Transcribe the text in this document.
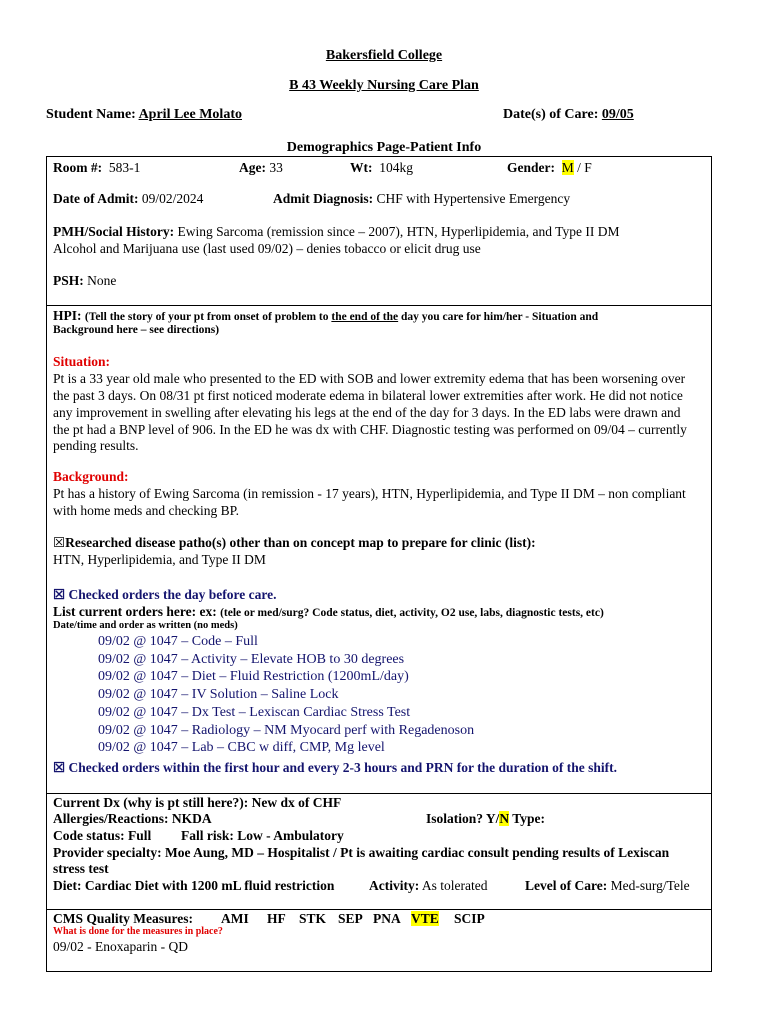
Bakersfield College
B 43 Weekly Nursing Care Plan
Student Name: April Lee Molato	Date(s) of Care: 09/05
Demographics Page-Patient Info
Room #: 583-1	Age: 33	Wt: 104kg	Gender: M / F
Date of Admit: 09/02/2024	Admit Diagnosis: CHF with Hypertensive Emergency
PMH/Social History: Ewing Sarcoma (remission since – 2007), HTN, Hyperlipidemia, and Type II DM
Alcohol and Marijuana use (last used 09/02) – denies tobacco or elicit drug use
PSH: None
HPI: (Tell the story of your pt from onset of problem to the end of the day you care for him/her - Situation and
Background here – see directions)
Situation:
Pt is a 33 year old male who presented to the ED with SOB and lower extremity edema that has been worsening over
the past 3 days. On 08/31 pt first noticed moderate edema in bilateral lower extremities after work. He did not notice
any improvement in swelling after elevating his legs at the end of the day for 3 days. In the ED labs were drawn and
the pt had a BNP level of 906. In the ED he was dx with CHF. Diagnostic testing was performed on 09/04 – currently
pending results.
Background:
Pt has a history of Ewing Sarcoma (in remission - 17 years), HTN, Hyperlipidemia, and Type II DM – non compliant
with home meds and checking BP.
☒Researched disease patho(s) other than on concept map to prepare for clinic (list):
HTN, Hyperlipidemia, and Type II DM
☒ Checked orders the day before care.
List current orders here: ex: (tele or med/surg? Code status, diet, activity, O2 use, labs, diagnostic tests, etc)
Date/time and order as written (no meds)
09/02 @ 1047 – Code – Full
09/02 @ 1047 – Activity – Elevate HOB to 30 degrees
09/02 @ 1047 – Diet – Fluid Restriction (1200mL/day)
09/02 @ 1047 – IV Solution – Saline Lock
09/02 @ 1047 – Dx Test – Lexiscan Cardiac Stress Test
09/02 @ 1047 – Radiology – NM Myocard perf with Regadenoson
09/02 @ 1047 – Lab – CBC w diff, CMP, Mg level
☒ Checked orders within the first hour and every 2-3 hours and PRN for the duration of the shift.
Current Dx (why is pt still here?): New dx of CHF
Allergies/Reactions: NKDA	Isolation? Y/N Type:
Code status: Full Fall risk: Low - Ambulatory
Provider specialty: Moe Aung, MD – Hospitalist / Pt is awaiting cardiac consult pending results of Lexiscan
stress test
Diet: Cardiac Diet with 1200 mL fluid restriction	Activity: As tolerated	Level of Care: Med-surg/Tele
CMS Quality Measures: AMI HF STK SEP PNA VTE SCIP
What is done for the measures in place?
09/02 - Enoxaparin - QD
